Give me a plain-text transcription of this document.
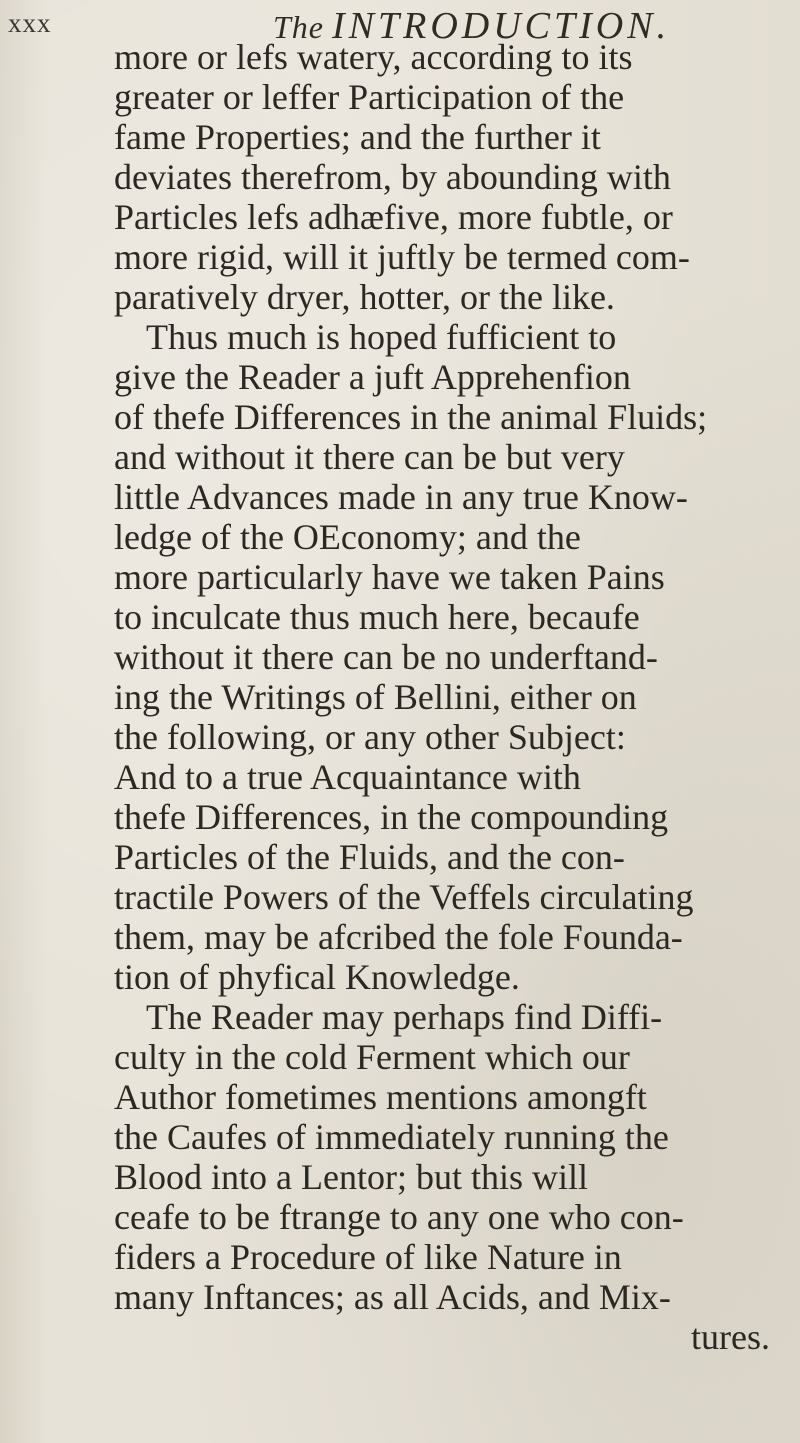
xxx	The INTRODUCTION.
more or lefs watery, according to its
greater or leffer Participation of the
fame Properties; and the further it
deviates therefrom, by abounding with
Particles lefs adhæfive, more fubtle, or
more rigid, will it juftly be termed com-
paratively dryer, hotter, or the like.
Thus much is hoped fufficient to
give the Reader a juft Apprehenfion
of thefe Differences in the animal Fluids;
and without it there can be but very
little Advances made in any true Know-
ledge of the OEconomy; and the
more particularly have we taken Pains
to inculcate thus much here, becaufe
without it there can be no underftand-
ing the Writings of Bellini, either on
the following, or any other Subject:
And to a true Acquaintance with
thefe Differences, in the compounding
Particles of the Fluids, and the con-
tractile Powers of the Veffels circulating
them, may be afcribed the fole Founda-
tion of phyfical Knowledge.
The Reader may perhaps find Diffi-
culty in the cold Ferment which our
Author fometimes mentions amongft
the Caufes of immediately running the
Blood into a Lentor; but this will
ceafe to be ftrange to any one who con-
fiders a Procedure of like Nature in
many Inftances; as all Acids, and Mix-
tures.
